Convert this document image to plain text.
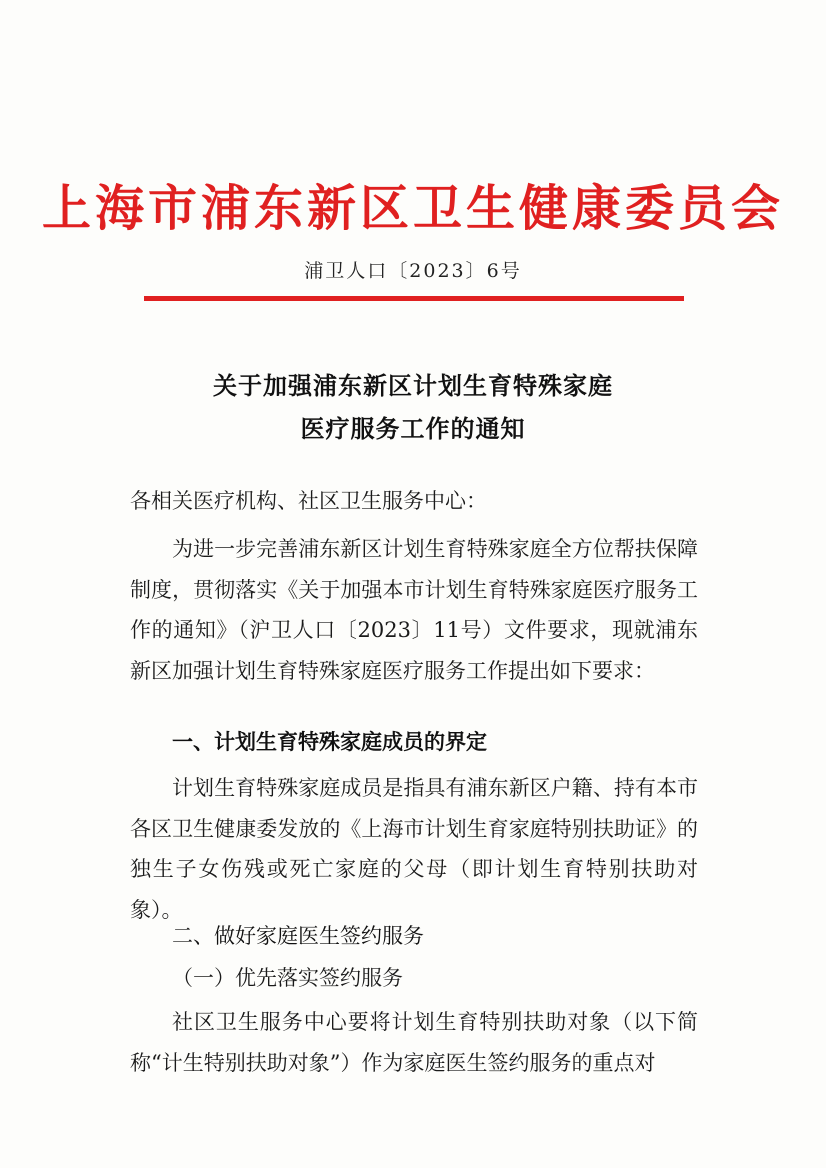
上海市浦东新区卫生健康委员会
浦卫人口〔2023〕6号
关于加强浦东新区计划生育特殊家庭
医疗服务工作的通知
各相关医疗机构、社区卫生服务中心：
为进一步完善浦东新区计划生育特殊家庭全方位帮扶保障制度，贯彻落实《关于加强本市计划生育特殊家庭医疗服务工作的通知》（沪卫人口〔2023〕11号）文件要求，现就浦东新区加强计划生育特殊家庭医疗服务工作提出如下要求：
一、计划生育特殊家庭成员的界定
计划生育特殊家庭成员是指具有浦东新区户籍、持有本市各区卫生健康委发放的《上海市计划生育家庭特别扶助证》的独生子女伤残或死亡家庭的父母（即计划生育特别扶助对象）。
二、做好家庭医生签约服务
（一）优先落实签约服务
社区卫生服务中心要将计划生育特别扶助对象（以下简称“计生特别扶助对象”）作为家庭医生签约服务的重点对
